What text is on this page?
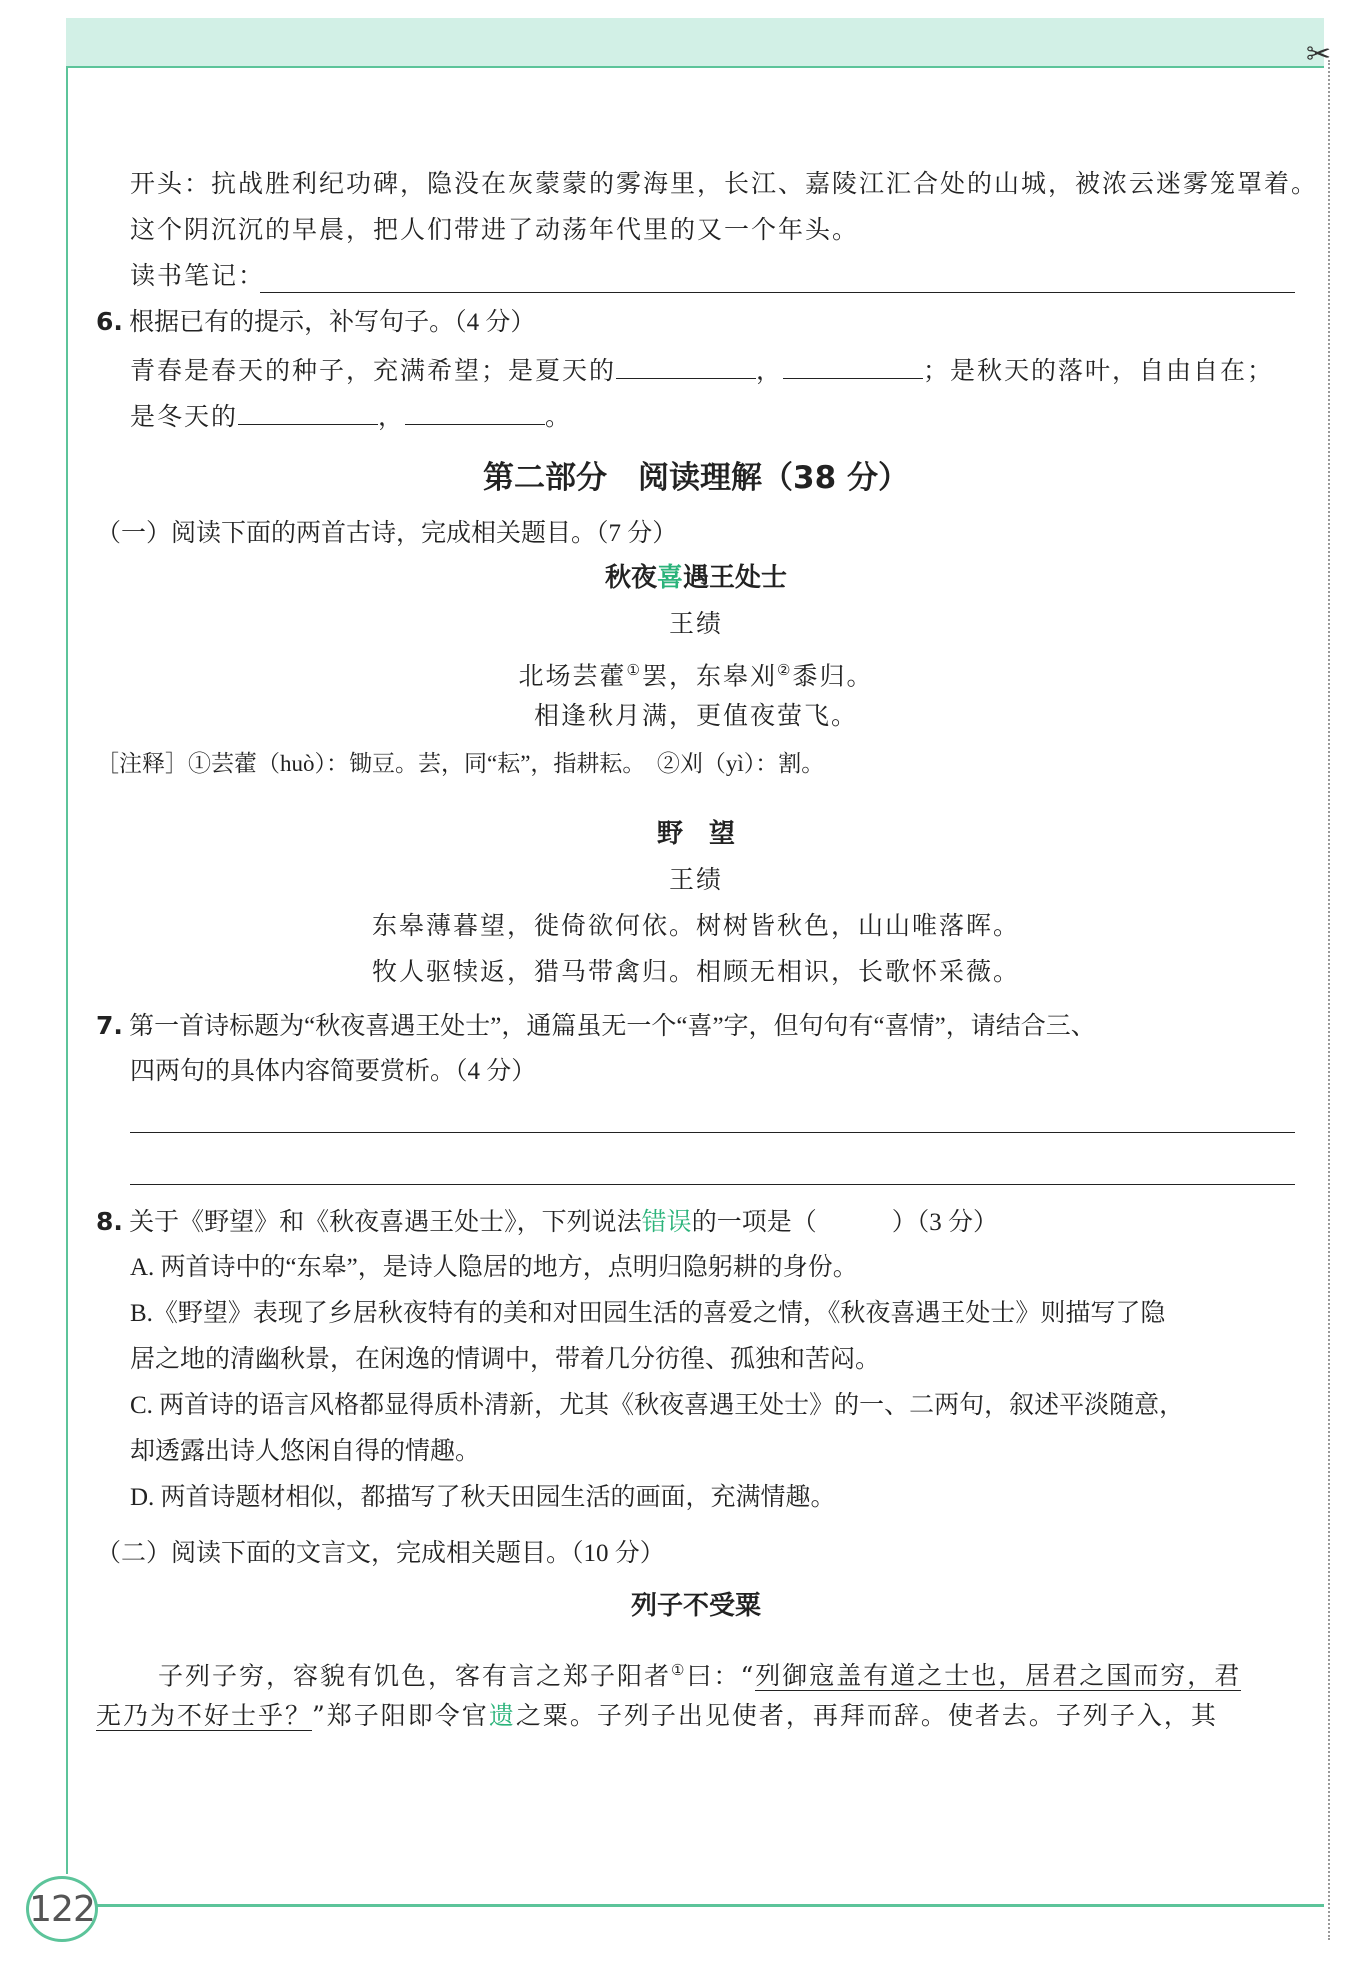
✂
122
开头：抗战胜利纪功碑，隐没在灰蒙蒙的雾海里，长江、嘉陵江汇合处的山城，被浓云迷雾笼罩着。
这个阴沉沉的早晨，把人们带进了动荡年代里的又一个年头。
读书笔记：
6. 根据已有的提示，补写句子。（4 分）
青春是春天的种子，充满希望；是夏天的	，	；是秋天的落叶，自由自在；
是冬天的	，	。
第二部分　阅读理解（38 分）
（一）阅读下面的两首古诗，完成相关题目。（7 分）
秋夜喜遇王处士
王绩
北场芸藿①罢，东皋刈②黍归。
相逢秋月满，更值夜萤飞。
［注释］①芸藿（huò）：锄豆。芸，同“耘”，指耕耘。　②刈（yì）：割。
野　望
王绩
东皋薄暮望，徙倚欲何依。树树皆秋色，山山唯落晖。
牧人驱犊返，猎马带禽归。相顾无相识，长歌怀采薇。
7. 第一首诗标题为“秋夜喜遇王处士”，通篇虽无一个“喜”字，但句句有“喜情”，请结合三、
四两句的具体内容简要赏析。（4 分）
8. 关于《野望》和《秋夜喜遇王处士》，下列说法错误的一项是（　　　）（3 分）
A. 两首诗中的“东皋”，是诗人隐居的地方，点明归隐躬耕的身份。
B.《野望》表现了乡居秋夜特有的美和对田园生活的喜爱之情，《秋夜喜遇王处士》则描写了隐
居之地的清幽秋景，在闲逸的情调中，带着几分彷徨、孤独和苦闷。
C. 两首诗的语言风格都显得质朴清新，尤其《秋夜喜遇王处士》的一、二两句，叙述平淡随意，
却透露出诗人悠闲自得的情趣。
D. 两首诗题材相似，都描写了秋天田园生活的画面，充满情趣。
（二）阅读下面的文言文，完成相关题目。（10 分）
列子不受粟
子列子穷，容貌有饥色，客有言之郑子阳者①曰：“列御寇盖有道之士也，居君之国而穷，君
无乃为不好士乎？”郑子阳即令官遗之粟。子列子出见使者，再拜而辞。使者去。子列子入，其
